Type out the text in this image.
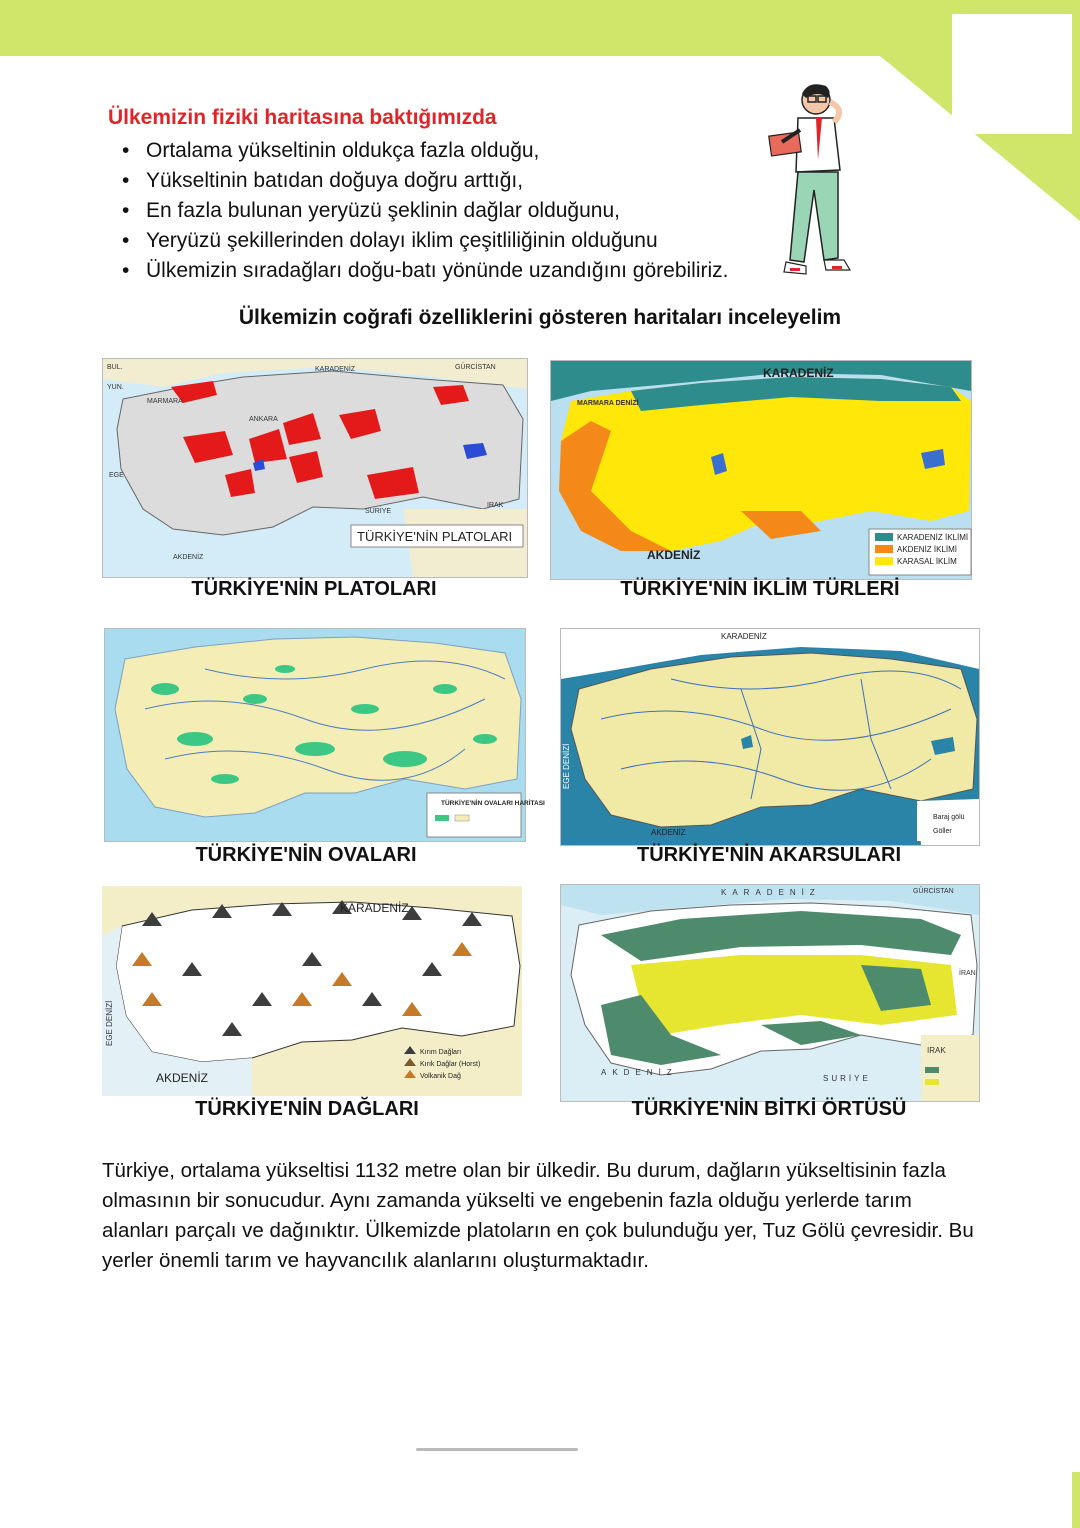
Ülkemizin fiziki haritasına baktığımızda
• Ortalama yükseltinin oldukça fazla olduğu,
• Yükseltinin batıdan doğuya doğru arttığı,
• En fazla bulunan yeryüzü şeklinin dağlar olduğunu,
• Yeryüzü şekillerinden dolayı iklim çeşitliliğinin olduğunu
• Ülkemizin sıradağları doğu-batı yönünde uzandığını görebiliriz.
Ülkemizin coğrafi özelliklerini gösteren haritaları inceleyelim
KARADENİZ	GÜRCİSTAN
MARMARA
ANKARA
EGE
AKDENİZ
SURİYE
IRAK
BUL.
YUN.
TÜRKİYE'NİN PLATOLARI
TÜRKİYE'NİN PLATOLARI
KARADENİZ
MARMARA DENİZİ
AKDENİZ
KARADENİZ İKLİMİ
AKDENİZ İKLİMİ
KARASAL İKLİM
TÜRKİYE'NİN İKLİM TÜRLERİ
TÜRKİYE'NİN OVALARI HARİTASI
TÜRKİYE'NİN OVALARI
KARADENİZ
AKDENİZ
EGE DENİZİ
Baraj gölü
Göller
TÜRKİYE'NİN AKARSULARI
KARADENİZ
AKDENİZ
EGE DENİZİ
Kırım Dağları
Kırık Dağlar (Horst)
Volkanik Dağ
TÜRKİYE'NİN DAĞLARI
KARADENİZ	GÜRCİSTAN
AKDENİZ
SURİYE
IRAK
İRAN
TÜRKİYE'NİN BİTKİ ÖRTÜSÜ

Türkiye, ortalama yükseltisi 1132 metre olan bir ülkedir. Bu durum, dağların yükseltisinin fazla olmasının bir sonucudur. Aynı zamanda yükselti ve engebenin fazla olduğu yerlerde tarım alanları parçalı ve dağınıktır. Ülkemizde platoların en çok bulunduğu yer, Tuz Gölü çevresidir. Bu yerler önemli tarım ve hayvancılık alanlarını oluşturmaktadır.
